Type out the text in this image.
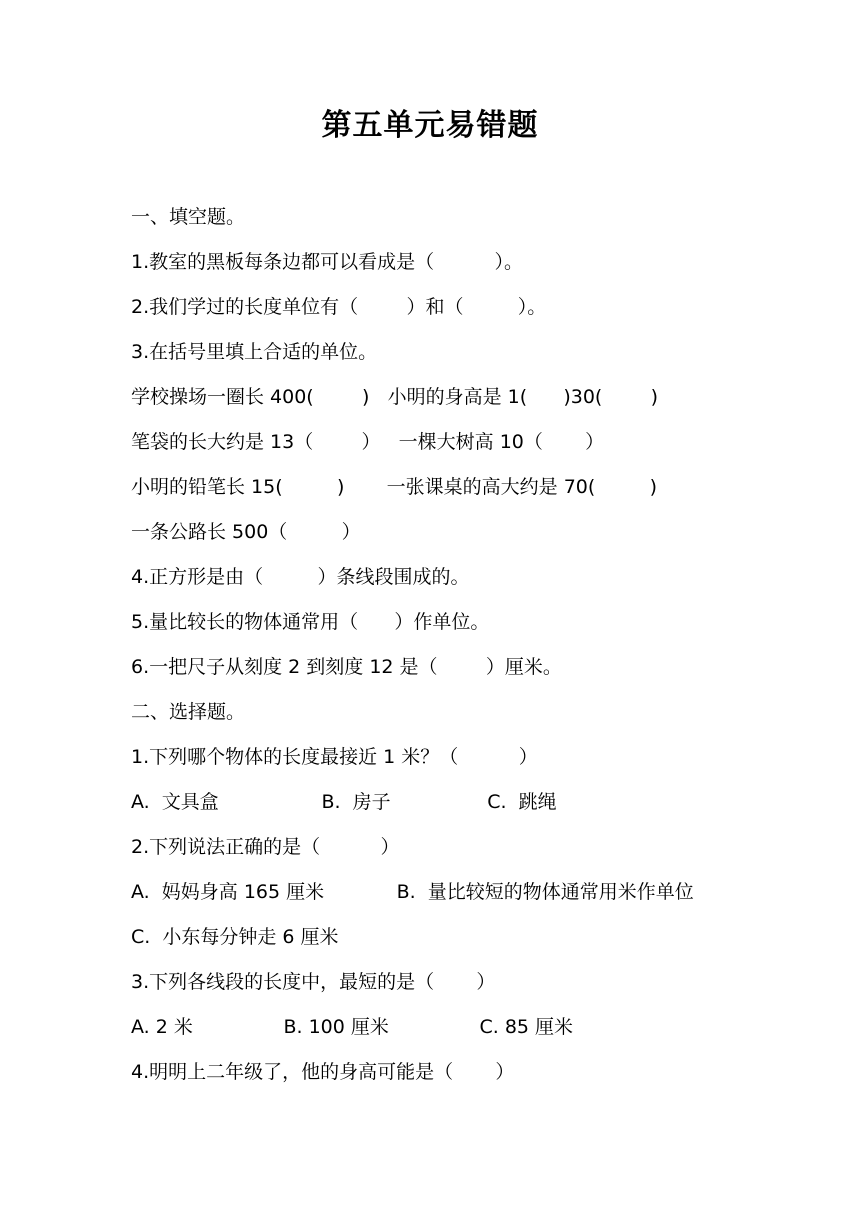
第五单元易错题
一、填空题。
1.教室的黑板每条边都可以看成是（          ）。
2.我们学过的长度单位有（        ）和（         ）。
3.在括号里填上合适的单位。
学校操场一圈长 400(        )   小明的身高是 1(      )30(        )
笔袋的长大约是 13（        ）   一棵大树高 10（       ）
小明的铅笔长 15(         )       一张课桌的高大约是 70(         )
一条公路长 500（         ）
4.正方形是由（         ）条线段围成的。
5.量比较长的物体通常用（      ）作单位。
6.一把尺子从刻度 2 到刻度 12 是（        ）厘米。
二、选择题。
1.下列哪个物体的长度最接近 1 米？（          ）
A.  文具盒                 B.  房子                C.  跳绳
2.下列说法正确的是（          ）
A.  妈妈身高 165 厘米            B.  量比较短的物体通常用米作单位
C.  小东每分钟走 6 厘米
3.下列各线段的长度中，最短的是（       ）
A. 2 米               B. 100 厘米               C. 85 厘米
4.明明上二年级了，他的身高可能是（       ）
